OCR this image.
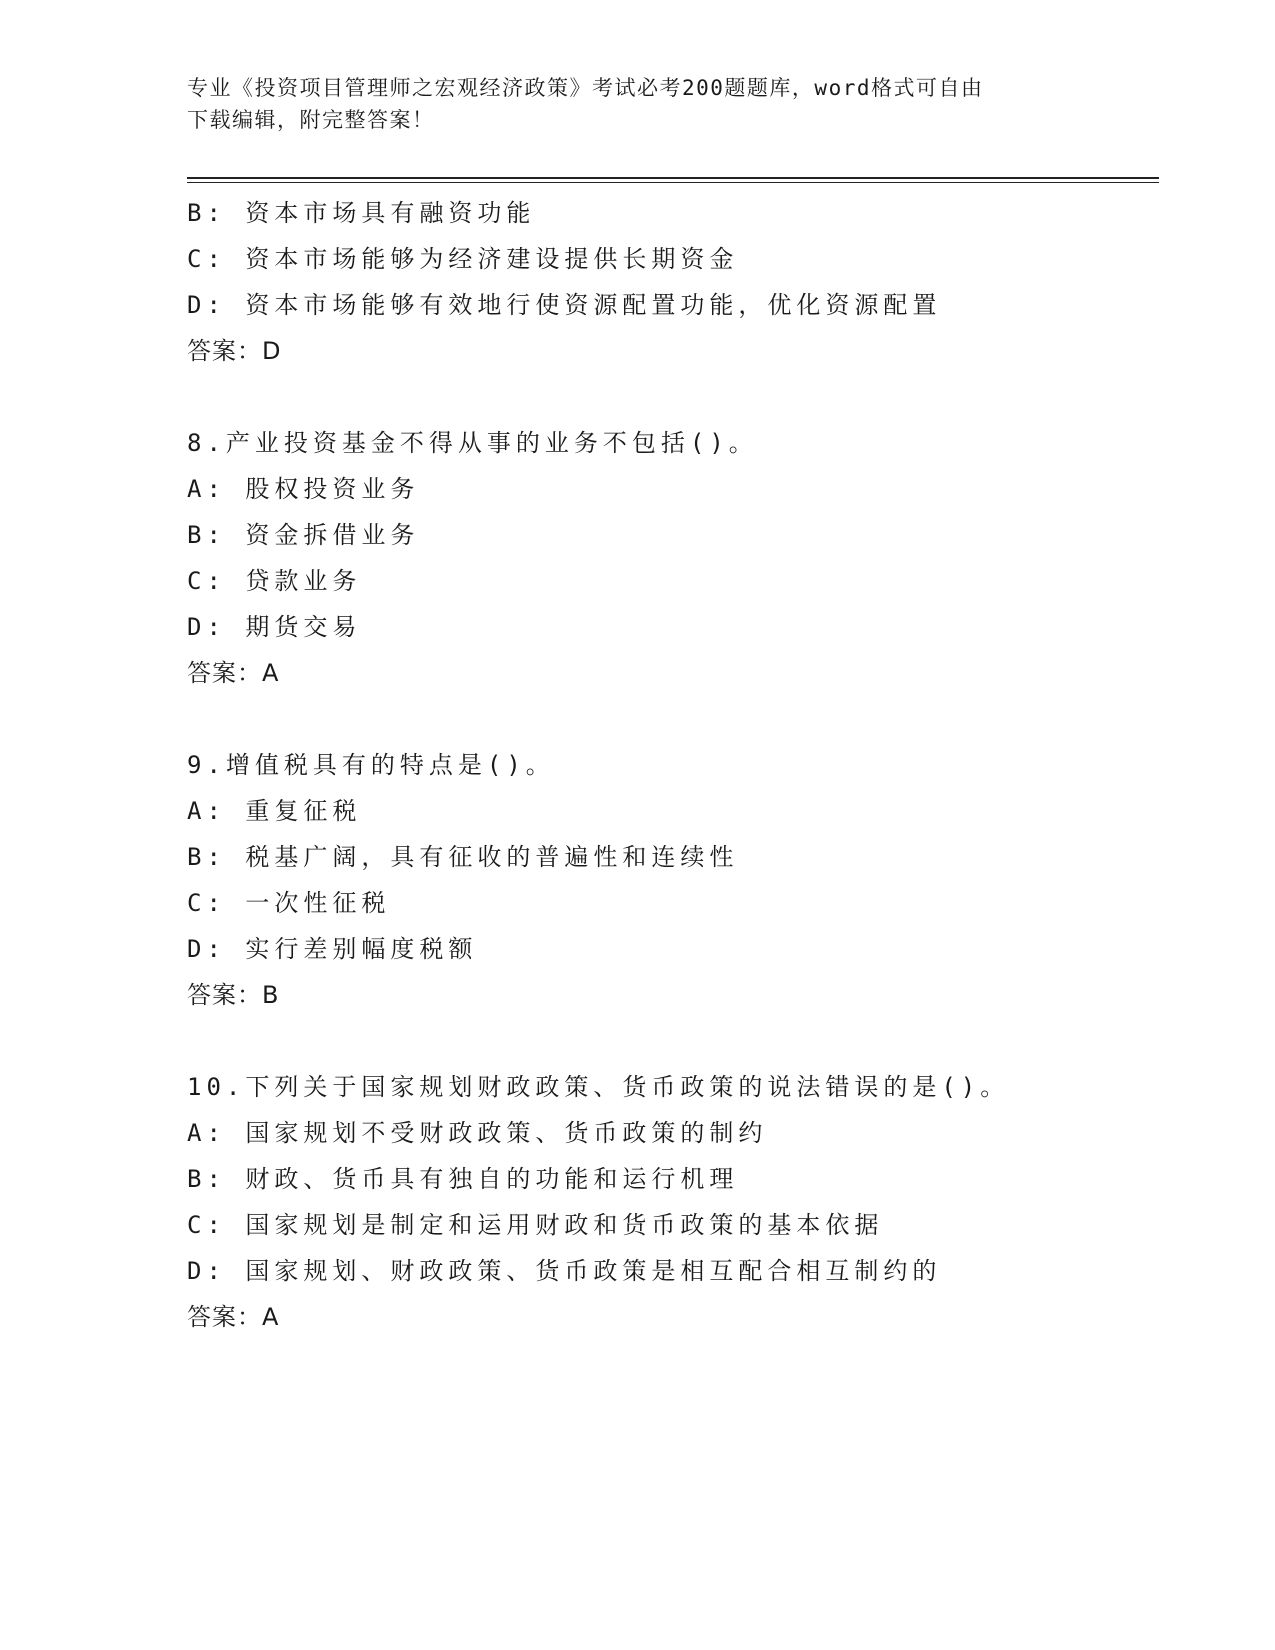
专业《投资项目管理师之宏观经济政策》考试必考200题题库，word格式可自由
下载编辑，附完整答案！
B: 资本市场具有融资功能
C: 资本市场能够为经济建设提供长期资金
D: 资本市场能够有效地行使资源配置功能，优化资源配置
答案：D
8.产业投资基金不得从事的业务不包括()。
A: 股权投资业务
B: 资金拆借业务
C: 贷款业务
D: 期货交易
答案：A
9.增值税具有的特点是()。
A: 重复征税
B: 税基广阔，具有征收的普遍性和连续性
C: 一次性征税
D: 实行差别幅度税额
答案：B
10.下列关于国家规划财政政策、货币政策的说法错误的是()。
A: 国家规划不受财政政策、货币政策的制约
B: 财政、货币具有独自的功能和运行机理
C: 国家规划是制定和运用财政和货币政策的基本依据
D: 国家规划、财政政策、货币政策是相互配合相互制约的
答案：A
